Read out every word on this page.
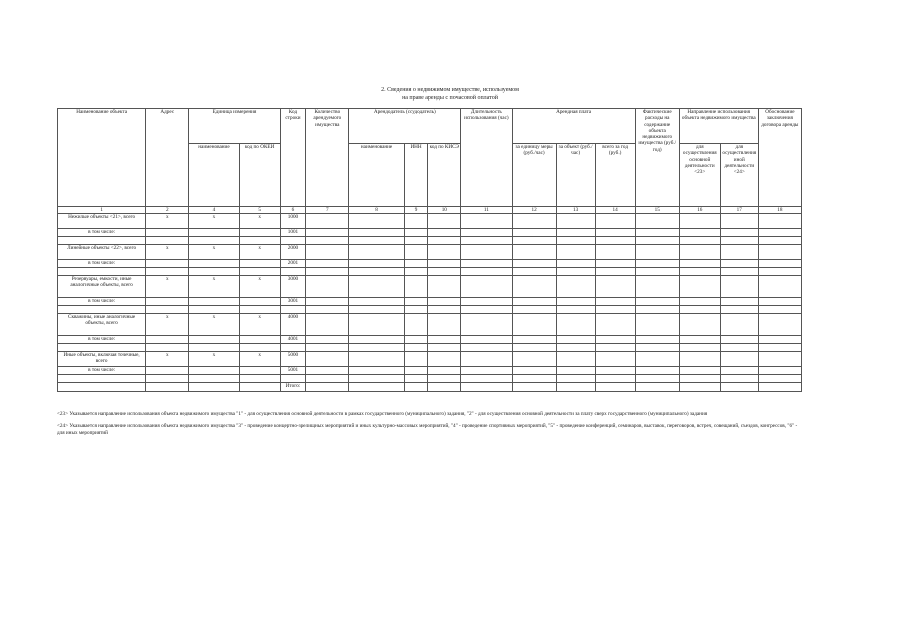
2. Сведения о недвижимом имуществе, используемом
на праве аренды с почасовой оплатой
Наименование объекта	Адрес	Единица измерения		Код строки	Количество арендуемого имущества	Арендодатель (ссудодатель)			Длительность использования (час)	Арендная плата			Фактические расходы на содержание объекта недвижимого имущества (руб./год)	Направление использования объекта недвижимого имущества		Обоснование заключения договора аренды
		наименование	код по ОКЕИ			наименование	ИНН	код по КИСЭ		за единицу меры (руб./час)	за объект (руб./час)	всего за год (руб.)		для осуществления основной деятельности <23>	для осуществления иной деятельности <24>	
1	2	4	5	6	7	8	9	10	11	12	13	14	15	16	17	18
Нежилые объекты <21>, всего	x	x	x	1000												
в том числе:				1001												

Линейные объекты <22>, всего	x	x	x	2000												
в том числе:				2001												

Резервуары, емкости, иные аналогичные объекты, всего	x	x	x	3000												
в том числе:				3001												

Скважины, иные аналогичные объекты, всего	x	x	x	4000												
в том числе:				4001												

Иные объекты, включая точечные, всего	x	x	x	5000												
в том числе:				5001												

				Итого:												

<23> Указывается направление использования объекта недвижимого имущества "1" - для осуществления основной деятельности в рамках государственного (муниципального) задания, "2" - для осуществления основной деятельности за плату сверх государственного (муниципального) задания

<24> Указывается направление использования объекта недвижимого имущества "3" - проведение концертно-зрелищных мероприятий и иных культурно-массовых мероприятий, "4" - проведение спортивных мероприятий, "5" - проведение конференций, семинаров, выставок, переговоров, встреч, совещаний, съездов, конгрессов, "6" - для иных мероприятий
